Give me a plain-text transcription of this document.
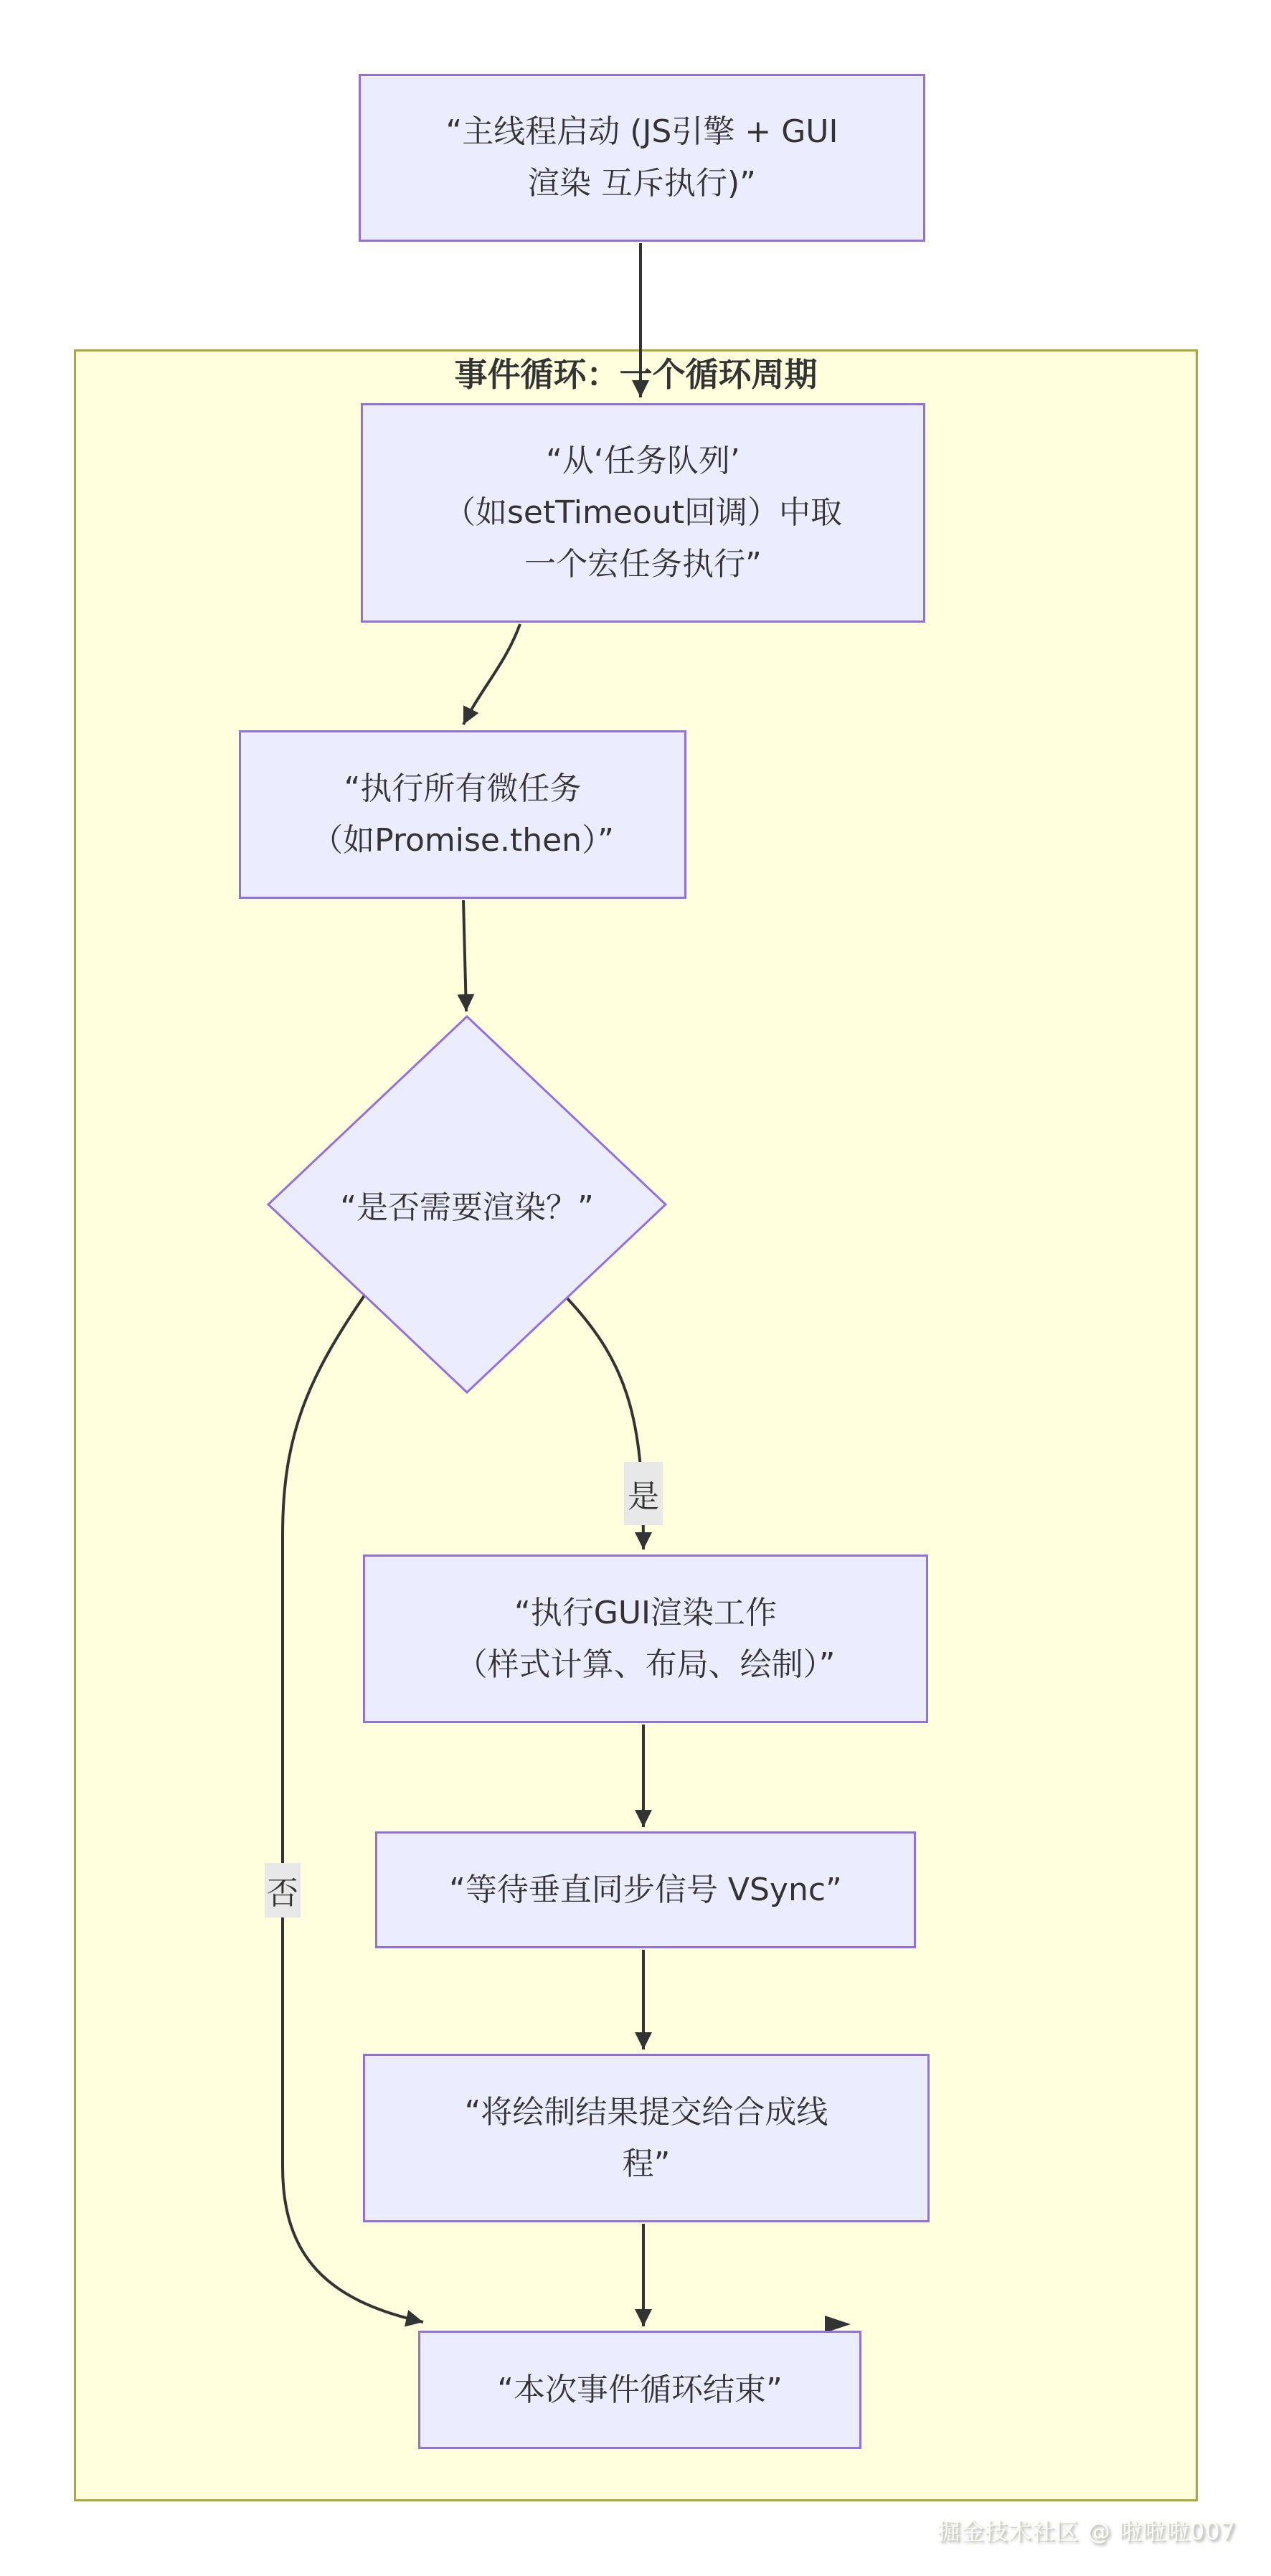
事件循环：一个循环周期
“主线程启动 (JS引擎 + GUI
渲染 互斥执行)”
“从‘任务队列’
（如setTimeout回调）中取
一个宏任务执行”
“执行所有微任务
（如Promise.then）”
“是否需要渲染？”
“执行GUI渲染工作
（样式计算、布局、绘制）”
“等待垂直同步信号 VSync”
“将绘制结果提交给合成线
程”
“本次事件循环结束”
是
否
掘金技术社区 @ 啦啦啦007
